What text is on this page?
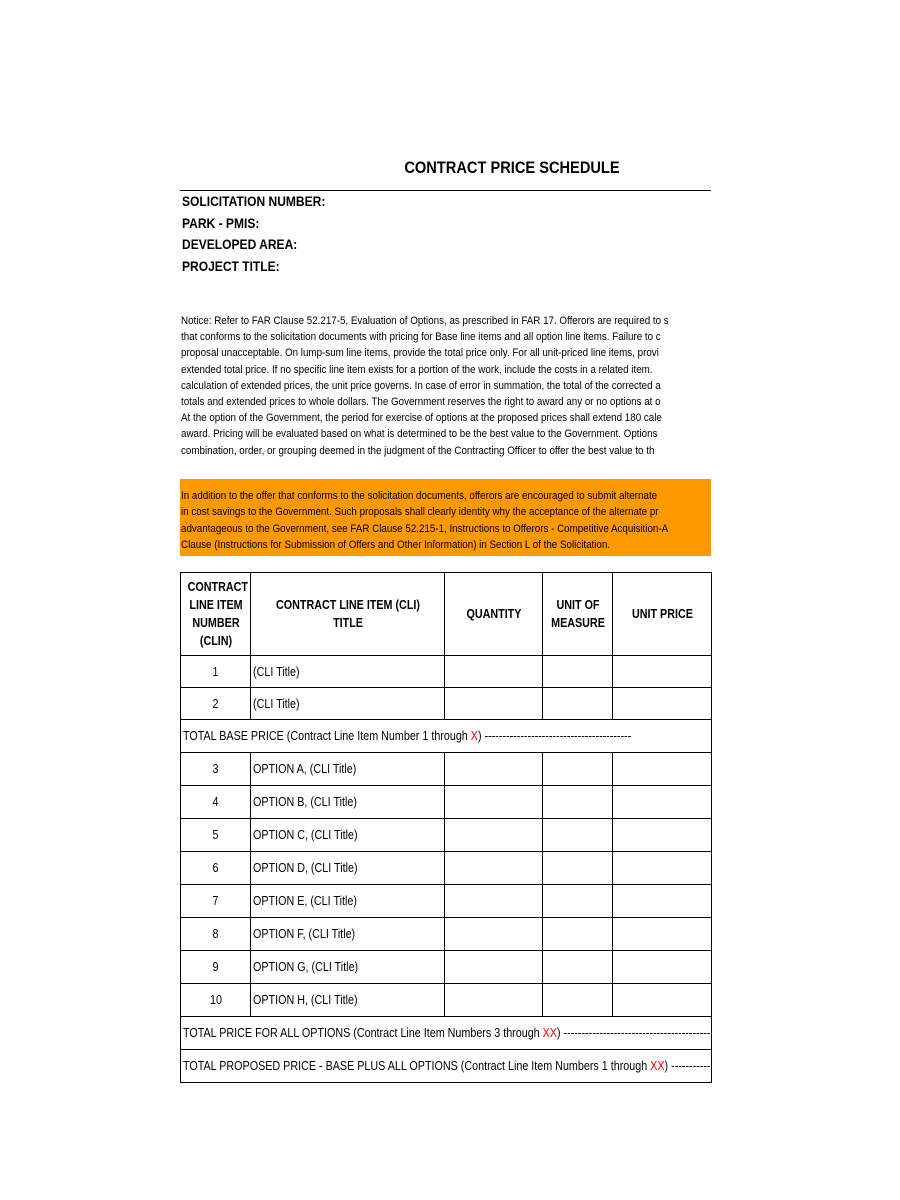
CONTRACT PRICE SCHEDULE
SOLICITATION NUMBER:
PARK - PMIS:
DEVELOPED AREA:
PROJECT TITLE:
Notice: Refer to FAR Clause 52.217-5, Evaluation of Options, as prescribed in FAR 17. Offerors are required to s
that conforms to the solicitation documents with pricing for Base line items and all option line items. Failure to c
proposal unacceptable. On lump-sum line items, provide the total price only. For all unit-priced line items, provi
extended total price. If no specific line item exists for a portion of the work, include the costs in a related item.
calculation of extended prices, the unit price governs. In case of error in summation, the total of the corrected a
totals and extended prices to whole dollars. The Government reserves the right to award any or no options at o
At the option of the Government, the period for exercise of options at the proposed prices shall extend 180 cale
award. Pricing will be evaluated based on what is determined to be the best value to the Government. Options
combination, order, or grouping deemed in the judgment of the Contracting Officer to offer the best value to th
In addition to the offer that conforms to the solicitation documents, offerors are encouraged to submit alternate
in cost savings to the Government. Such proposals shall clearly identity why the acceptance of the alternate pr
advantageous to the Government, see FAR Clause 52.215-1, Instructions to Offerors - Competitive Acquisition-A
Clause (Instructions for Submission of Offers and Other Information) in Section L of the Solicitation.
CONTRACT LINE ITEM NUMBER (CLIN)	CONTRACT LINE ITEM (CLI) TITLE	QUANTITY	UNIT OF MEASURE	UNIT PRICE
1	(CLI Title)			
2	(CLI Title)			
TOTAL BASE PRICE (Contract Line Item Number 1 through X) -----------------------------------------				
3	OPTION A, (CLI Title)			
4	OPTION B, (CLI Title)			
5	OPTION C, (CLI Title)			
6	OPTION D, (CLI Title)			
7	OPTION E, (CLI Title)			
8	OPTION F, (CLI Title)			
9	OPTION G, (CLI Title)			
10	OPTION H, (CLI Title)			
TOTAL PRICE FOR ALL OPTIONS (Contract Line Item Numbers 3 through XX) -----------------------------------------				
TOTAL PROPOSED PRICE - BASE PLUS ALL OPTIONS (Contract Line Item Numbers 1 through XX) -----------				
